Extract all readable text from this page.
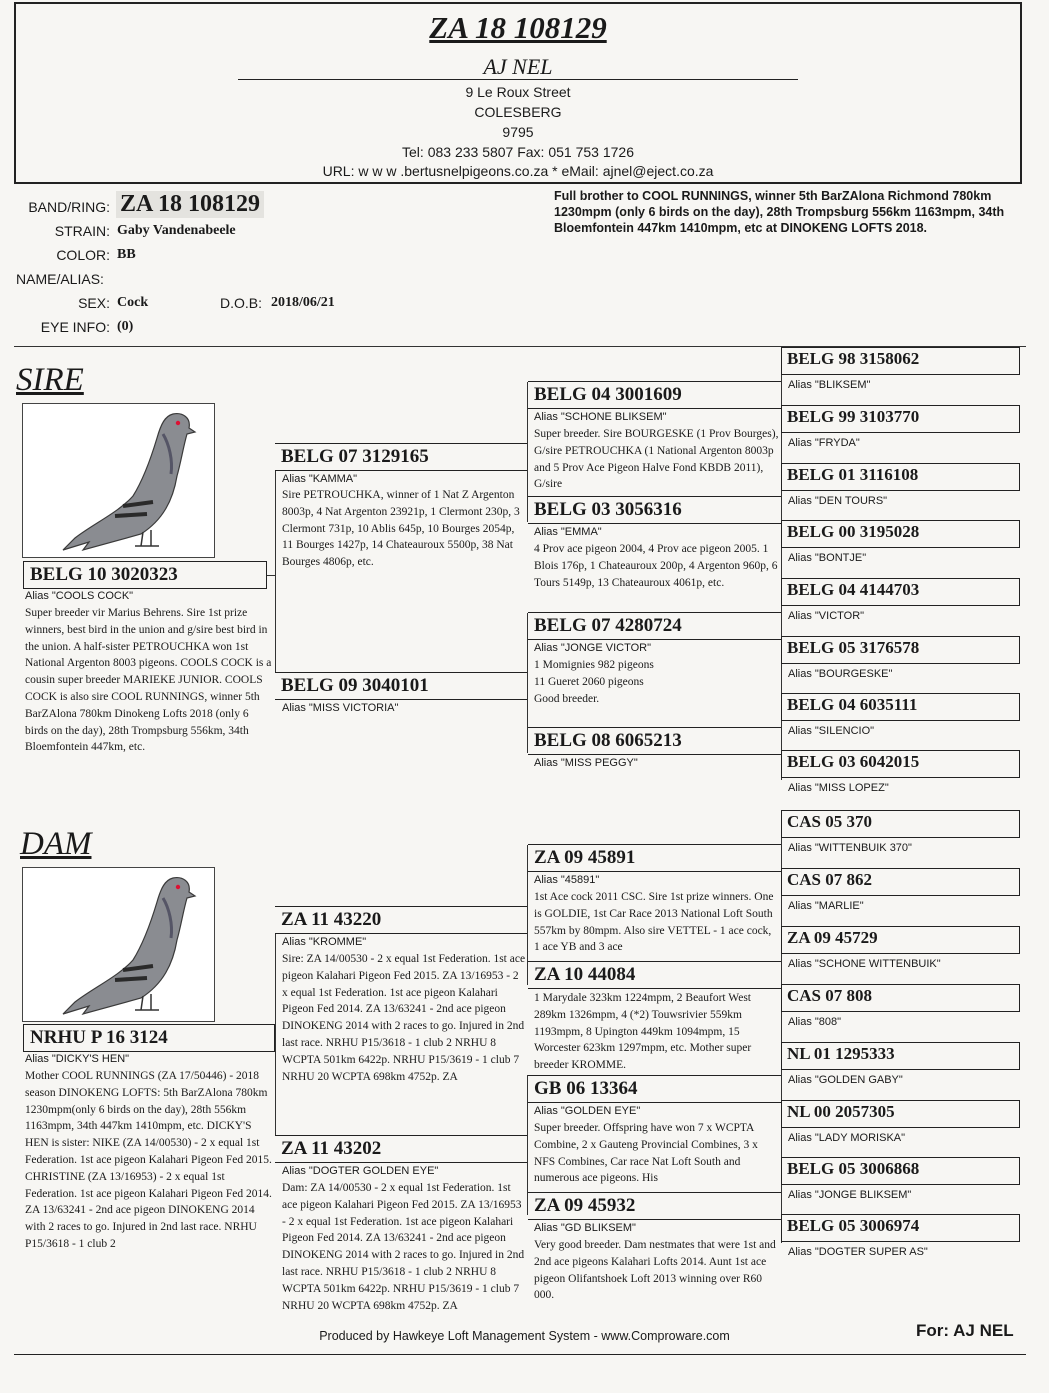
ZA 18 108129
AJ NEL
9 Le Roux Street
COLESBERG
9795
Tel: 083 233 5807 Fax: 051 753 1726
URL: w w w .bertusnelpigeons.co.za * eMail: ajnel@eject.co.za
BAND/RING: ZA 18 108129
STRAIN: Gaby Vandenabeele
COLOR: BB
NAME/ALIAS:
SEX: Cock	D.O.B: 2018/06/21
EYE INFO: (0)
Full brother to COOL RUNNINGS, winner 5th BarZAlona Richmond 780km 1230mpm (only 6 birds on the day), 28th Trompsburg 556km 1163mpm, 34th Bloemfontein 447km 1410mpm, etc at DINOKENG LOFTS 2018.
SIRE
BELG 10 3020323
Alias "COOLS COCK"
Super breeder vir Marius Behrens. Sire 1st prize winners, best bird in the union and g/sire best bird in the union. A half-sister PETROUCHKA won 1st National Argenton 8003 pigeons. COOLS COCK is a cousin super breeder MARIEKE JUNIOR. COOLS COCK is also sire COOL RUNNINGS, winner 5th BarZAlona 780km Dinokeng Lofts 2018 (only 6 birds on the day), 28th Trompsburg 556km, 34th Bloemfontein 447km, etc.
BELG 07 3129165
Alias "KAMMA"
Sire PETROUCHKA, winner of 1 Nat Z Argenton 8003p, 4 Nat Argenton 23921p, 1 Clermont 230p, 3 Clermont 731p, 10 Ablis 645p, 10 Bourges 2054p, 11 Bourges 1427p, 14 Chateauroux 5500p, 38 Nat Bourges 4806p, etc.
BELG 09 3040101
Alias "MISS VICTORIA"
BELG 04 3001609
Alias "SCHONE BLIKSEM"
Super breeder. Sire BOURGESKE (1 Prov Bourges), G/sire PETROUCHKA (1 National Argenton 8003p and 5 Prov Ace Pigeon Halve Fond KBDB 2011), G/sire
BELG 03 3056316
Alias "EMMA"
4 Prov ace pigeon 2004, 4 Prov ace pigeon 2005. 1 Blois 176p, 1 Chateauroux 200p, 4 Argenton 960p, 6 Tours 5149p, 13 Chateauroux 4061p, etc.
BELG 07 4280724
Alias "JONGE VICTOR"
1 Momignies 982 pigeons
11 Gueret 2060 pigeons
Good breeder.
BELG 08 6065213
Alias "MISS PEGGY"
BELG 98 3158062
Alias "BLIKSEM"
BELG 99 3103770
Alias "FRYDA"
BELG 01 3116108
Alias "DEN TOURS"
BELG 00 3195028
Alias "BONTJE"
BELG 04 4144703
Alias "VICTOR"
BELG 05 3176578
Alias "BOURGESKE"
BELG 04 6035111
Alias "SILENCIO"
BELG 03 6042015
Alias "MISS LOPEZ"
DAM
NRHU P 16 3124
Alias "DICKY'S HEN"
Mother COOL RUNNINGS (ZA 17/50446) - 2018 season DINOKENG LOFTS: 5th BarZAlona 780km 1230mpm(only 6 birds on the day), 28th 556km 1163mpm, 34th 447km 1410mpm, etc. DICKY'S HEN is sister: NIKE (ZA 14/00530) - 2 x equal 1st Federation. 1st ace pigeon Kalahari Pigeon Fed 2015. CHRISTINE (ZA 13/16953) - 2 x equal 1st Federation. 1st ace pigeon Kalahari Pigeon Fed 2014. ZA 13/63241 - 2nd ace pigeon DINOKENG 2014 with 2 races to go. Injured in 2nd last race. NRHU P15/3618 - 1 club 2
ZA 11 43220
Alias "KROMME"
Sire: ZA 14/00530 - 2 x equal 1st Federation. 1st ace pigeon Kalahari Pigeon Fed 2015. ZA 13/16953 - 2 x equal 1st Federation. 1st ace pigeon Kalahari Pigeon Fed 2014. ZA 13/63241 - 2nd ace pigeon DINOKENG 2014 with 2 races to go. Injured in 2nd last race. NRHU P15/3618 - 1 club 2 NRHU 8 WCPTA 501km 6422p. NRHU P15/3619 - 1 club 7 NRHU 20 WCPTA 698km 4752p. ZA
ZA 11 43202
Alias "DOGTER GOLDEN EYE"
Dam: ZA 14/00530 - 2 x equal 1st Federation. 1st ace pigeon Kalahari Pigeon Fed 2015. ZA 13/16953 - 2 x equal 1st Federation. 1st ace pigeon Kalahari Pigeon Fed 2014. ZA 13/63241 - 2nd ace pigeon DINOKENG 2014 with 2 races to go. Injured in 2nd last race. NRHU P15/3618 - 1 club 2 NRHU 8 WCPTA 501km 6422p. NRHU P15/3619 - 1 club 7 NRHU 20 WCPTA 698km 4752p. ZA
ZA 09 45891
Alias "45891"
1st Ace cock 2011 CSC. Sire 1st prize winners. One is GOLDIE, 1st Car Race 2013 National Loft South 557km by 80mpm. Also sire VETTEL - 1 ace cock, 1 ace YB and 3 ace
ZA 10 44084
1 Marydale 323km 1224mpm, 2 Beaufort West 289km 1326mpm, 4 (*2) Touwsrivier 559km 1193mpm, 8 Upington 449km 1094mpm, 15 Worcester 623km 1297mpm, etc. Mother super breeder KROMME.
GB 06 13364
Alias "GOLDEN EYE"
Super breeder. Offspring have won 7 x WCPTA Combine, 2 x Gauteng Provincial Combines, 3 x NFS Combines, Car race Nat Loft South and numerous ace pigeons. His
ZA 09 45932
Alias "GD BLIKSEM"
Very good breeder. Dam nestmates that were 1st and 2nd ace pigeons Kalahari Lofts 2014. Aunt 1st ace pigeon Olifantshoek Loft 2013 winning over R60 000.
CAS 05 370
Alias "WITTENBUIK 370"
CAS 07 862
Alias "MARLIE"
ZA 09 45729
Alias "SCHONE WITTENBUIK"
CAS 07 808
Alias "808"
NL 01 1295333
Alias "GOLDEN GABY"
NL 00 2057305
Alias "LADY MORISKA"
BELG 05 3006868
Alias "JONGE BLIKSEM"
BELG 05 3006974
Alias "DOGTER SUPER AS"
Produced by Hawkeye Loft Management System - www.Comproware.com	For: AJ NEL
